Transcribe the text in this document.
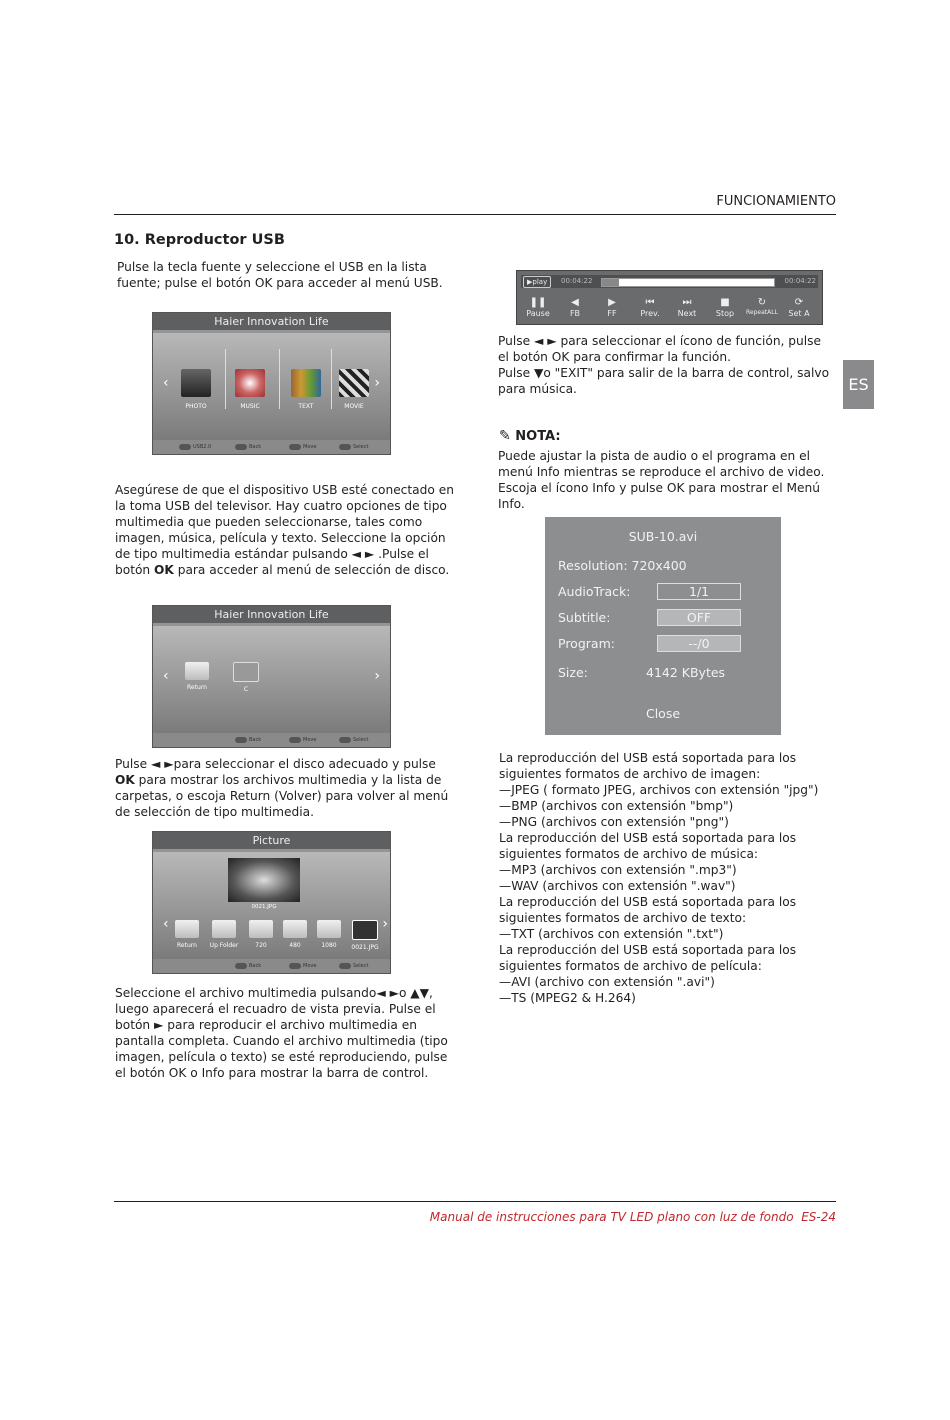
FUNCIONAMIENTO
ES
10. Reproductor USB
Pulse la tecla fuente y seleccione el USB en la lista fuente; pulse el botón OK para acceder al menú USB.
Haier Innovation Life
‹	›
PHOTO	MUSIC	TEXT	MOVIE
USB2.0	Back	Move	Select
Asegúrese de que el dispositivo USB esté conectado en la toma USB del televisor. Hay cuatro opciones de tipo multimedia que pueden seleccionarse, tales como imagen, música, película y texto. Seleccione la opción de tipo multimedia estándar pulsando ◄ ► .Pulse el botón OK para acceder al menú de selección de disco.
Haier Innovation Life
‹	›
Return	C
Back	Move	Select
Pulse ◄ ►para seleccionar el disco adecuado y pulse OK para mostrar los archivos multimedia y la lista de carpetas, o escoja Return (Volver) para volver al menú de selección de tipo multimedia.
Picture
0021.JPG
‹	›
Return	Up Folder	720	480	1080	0021.JPG
Back	Move	Select
Seleccione el archivo multimedia pulsando◄ ►o ▲▼, luego aparecerá el recuadro de vista previa. Pulse el botón ► para reproducir el archivo multimedia en pantalla completa. Cuando el archivo multimedia (tipo imagen, película o texto) se esté reproduciendo, pulse el botón OK o Info para mostrar la barra de control.
▶play	00:04:22	00:04:22
❚❚
Pause
◀
FB
▶
FF
⏮
Prev.
⏭
Next
■
Stop
↻
RepeatALL
⟳
Set A

Pulse ◄ ► para seleccionar el ícono de función, pulse el botón OK para confirmar la función.

Pulse ▼o "EXIT" para salir de la barra de control, salvo para música.

✎ NOTA:
Puede ajustar la pista de audio o el programa en el menú Info mientras se reproduce el archivo de video. Escoja el ícono Info y pulse OK para mostrar el Menú Info.
SUB-10.avi
Resolution: 720x400
AudioTrack:	1/1
Subtitle:	OFF
Program:	--/0
Size:	4142 KBytes
Close

La reproducción del USB está soportada para los siguientes formatos de archivo de imagen:

—JPEG ( formato JPEG, archivos con extensión "jpg")

—BMP (archivos con extensión "bmp")

—PNG (archivos con extensión "png")

La reproducción del USB está soportada para los siguientes formatos de archivo de música:

—MP3 (archivos con extensión ".mp3")

—WAV (archivos con extensión ".wav")

La reproducción del USB está soportada para los siguientes formatos de archivo de texto:

—TXT (archivos con extensión ".txt")

La reproducción del USB está soportada para los siguientes formatos de archivo de película:

—AVI (archivo con extensión ".avi")

—TS (MPEG2 & H.264)

Manual de instrucciones para TV LED plano con luz de fondo  ES-24
